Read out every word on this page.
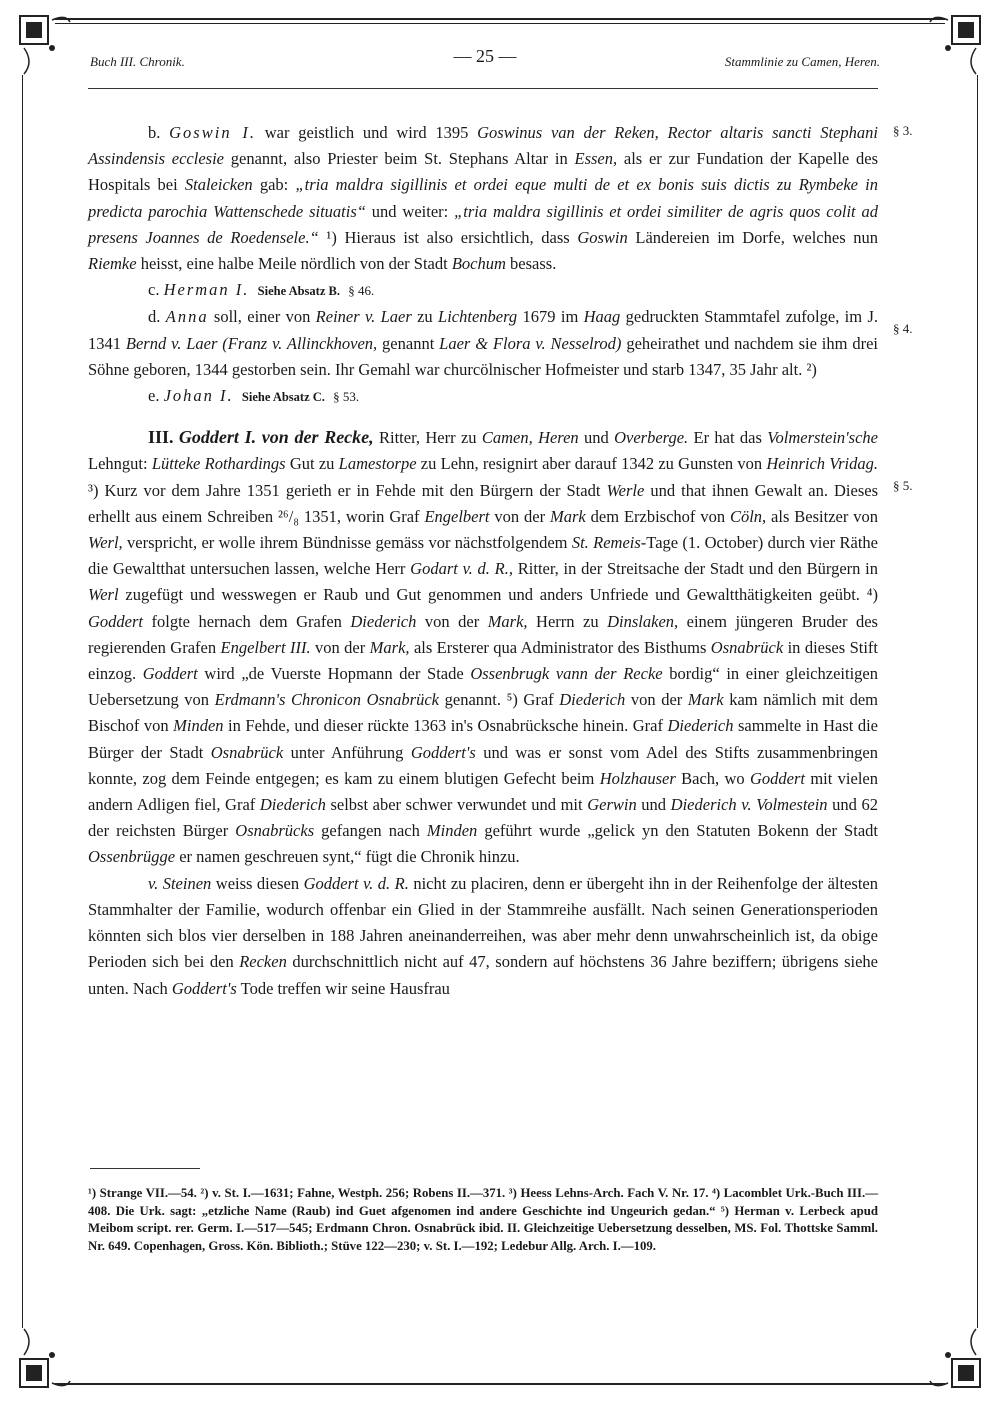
Buch III. Chronik.	— 25 —	Stammlinie zu Camen, Heren.
§ 3.
§ 4.
§ 5.

b. Goswin I. war geistlich und wird 1395 Goswinus van der Reken, Rector altaris sancti Stephani Assindensis ecclesie genannt, also Priester beim St. Stephans Altar in Essen, als er zur Fundation der Kapelle des Hospitals bei Staleicken gab: „tria maldra sigillinis et ordei eque multi de et ex bonis suis dictis zu Rymbeke in predicta parochia Wattenschede situatis“ und weiter: „tria maldra sigillinis et ordei similiter de agris quos colit ad presens Joannes de Roedensele.“ ¹) Hieraus ist also ersichtlich, dass Goswin Ländereien im Dorfe, welches nun Riemke heisst, eine halbe Meile nördlich von der Stadt Bochum besass.

c. Herman I. Siehe Absatz B. § 46.

d. Anna soll, einer von Reiner v. Laer zu Lichtenberg 1679 im Haag gedruckten Stammtafel zufolge, im J. 1341 Bernd v. Laer (Franz v. Allinckhoven, genannt Laer & Flora v. Nesselrod) geheirathet und nachdem sie ihm drei Söhne geboren, 1344 gestorben sein. Ihr Gemahl war churcölnischer Hofmeister und starb 1347, 35 Jahr alt. ²)

e. Johan I. Siehe Absatz C. § 53.

III. Goddert I. von der Recke, Ritter, Herr zu Camen, Heren und Overberge. Er hat das Volmerstein'sche Lehngut: Lütteke Rothardings Gut zu Lamestorpe zu Lehn, resignirt aber darauf 1342 zu Gunsten von Heinrich Vridag. ³) Kurz vor dem Jahre 1351 gerieth er in Fehde mit den Bürgern der Stadt Werle und that ihnen Gewalt an. Dieses erhellt aus einem Schreiben ²⁶/₈ 1351, worin Graf Engelbert von der Mark dem Erzbischof von Cöln, als Besitzer von Werl, verspricht, er wolle ihrem Bündnisse gemäss vor nächstfolgendem St. Remeis-Tage (1. October) durch vier Räthe die Gewaltthat untersuchen lassen, welche Herr Godart v. d. R., Ritter, in der Streitsache der Stadt und den Bürgern in Werl zugefügt und wesswegen er Raub und Gut genommen und anders Unfriede und Gewaltthätigkeiten geübt. ⁴) Goddert folgte hernach dem Grafen Diederich von der Mark, Herrn zu Dinslaken, einem jüngeren Bruder des regierenden Grafen Engelbert III. von der Mark, als Ersterer qua Administrator des Bisthums Osnabrück in dieses Stift einzog. Goddert wird „de Vuerste Hopmann der Stade Ossenbrugk vann der Recke bordig“ in einer gleichzeitigen Uebersetzung von Erdmann's Chronicon Osnabrück genannt. ⁵) Graf Diederich von der Mark kam nämlich mit dem Bischof von Minden in Fehde, und dieser rückte 1363 in's Osnabrücksche hinein. Graf Diederich sammelte in Hast die Bürger der Stadt Osnabrück unter Anführung Goddert's und was er sonst vom Adel des Stifts zusammenbringen konnte, zog dem Feinde entgegen; es kam zu einem blutigen Gefecht beim Holzhauser Bach, wo Goddert mit vielen andern Adligen fiel, Graf Diederich selbst aber schwer verwundet und mit Gerwin und Diederich v. Volmestein und 62 der reichsten Bürger Osnabrücks gefangen nach Minden geführt wurde „gelick yn den Statuten Bokenn der Stadt Ossenbrügge er namen geschreuen synt,“ fügt die Chronik hinzu.

v. Steinen weiss diesen Goddert v. d. R. nicht zu placiren, denn er übergeht ihn in der Reihenfolge der ältesten Stammhalter der Familie, wodurch offenbar ein Glied in der Stammreihe ausfällt. Nach seinen Generationsperioden könnten sich blos vier derselben in 188 Jahren aneinanderreihen, was aber mehr denn unwahrscheinlich ist, da obige Perioden sich bei den Recken durchschnittlich nicht auf 47, sondern auf höchstens 36 Jahre beziffern; übrigens siehe unten. Nach Goddert's Tode treffen wir seine Hausfrau

¹) Strange VII.—54. ²) v. St. I.—1631; Fahne, Westph. 256; Robens II.—371. ³) Heess Lehns-Arch. Fach V. Nr. 17. ⁴) Lacomblet Urk.-Buch III.—408. Die Urk. sagt: „etzliche Name (Raub) ind Guet afgenomen ind andere Geschichte ind Ungeurich gedan.“ ⁵) Herman v. Lerbeck apud Meibom script. rer. Germ. I.—517—545; Erdmann Chron. Osnabrück ibid. II. Gleichzeitige Uebersetzung desselben, MS. Fol. Thottske Samml. Nr. 649. Copenhagen, Gross. Kön. Biblioth.; Stüve 122—230; v. St. I.—192; Ledebur Allg. Arch. I.—109.
